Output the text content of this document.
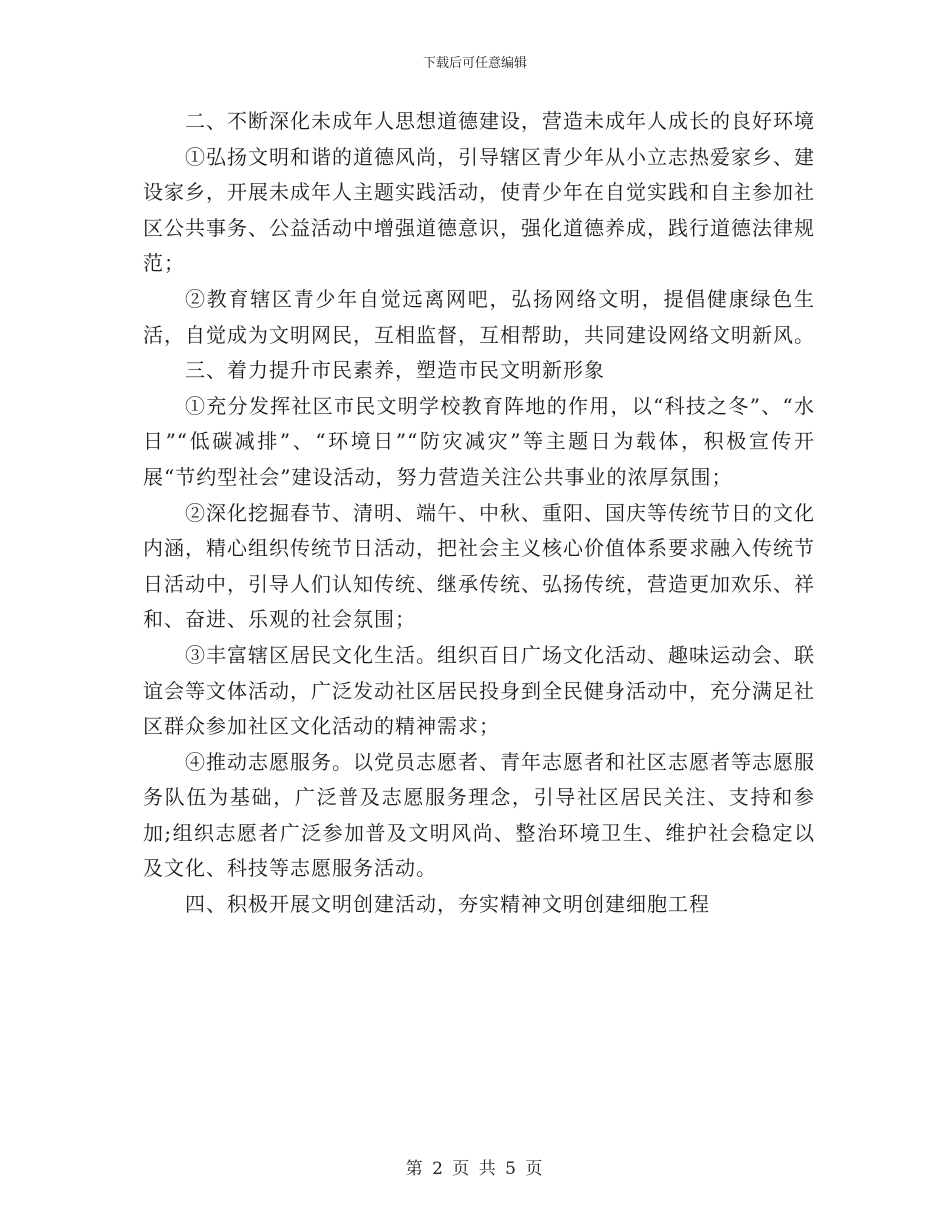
下载后可任意编辑

二、不断深化未成年人思想道德建设，营造未成年人成长的良好环境

①弘扬文明和谐的道德风尚，引导辖区青少年从小立志热爱家乡、建设家乡，开展未成年人主题实践活动，使青少年在自觉实践和自主参加社区公共事务、公益活动中增强道德意识，强化道德养成，践行道德法律规范；

②教育辖区青少年自觉远离网吧，弘扬网络文明，提倡健康绿色生活，自觉成为文明网民，互相监督，互相帮助，共同建设网络文明新风。

三、着力提升市民素养，塑造市民文明新形象

①充分发挥社区市民文明学校教育阵地的作用，以“科技之冬”、“水日”“低碳减排”、“环境日”“防灾减灾”等主题日为载体，积极宣传开展“节约型社会”建设活动，努力营造关注公共事业的浓厚氛围；

②深化挖掘春节、清明、端午、中秋、重阳、国庆等传统节日的文化内涵，精心组织传统节日活动，把社会主义核心价值体系要求融入传统节日活动中，引导人们认知传统、继承传统、弘扬传统，营造更加欢乐、祥和、奋进、乐观的社会氛围；

③丰富辖区居民文化生活。组织百日广场文化活动、趣味运动会、联谊会等文体活动，广泛发动社区居民投身到全民健身活动中，充分满足社区群众参加社区文化活动的精神需求；

④推动志愿服务。以党员志愿者、青年志愿者和社区志愿者等志愿服务队伍为基础，广泛普及志愿服务理念，引导社区居民关注、支持和参加;组织志愿者广泛参加普及文明风尚、整治环境卫生、维护社会稳定以及文化、科技等志愿服务活动。

四、积极开展文明创建活动，夯实精神文明创建细胞工程

第 2 页 共 5 页
